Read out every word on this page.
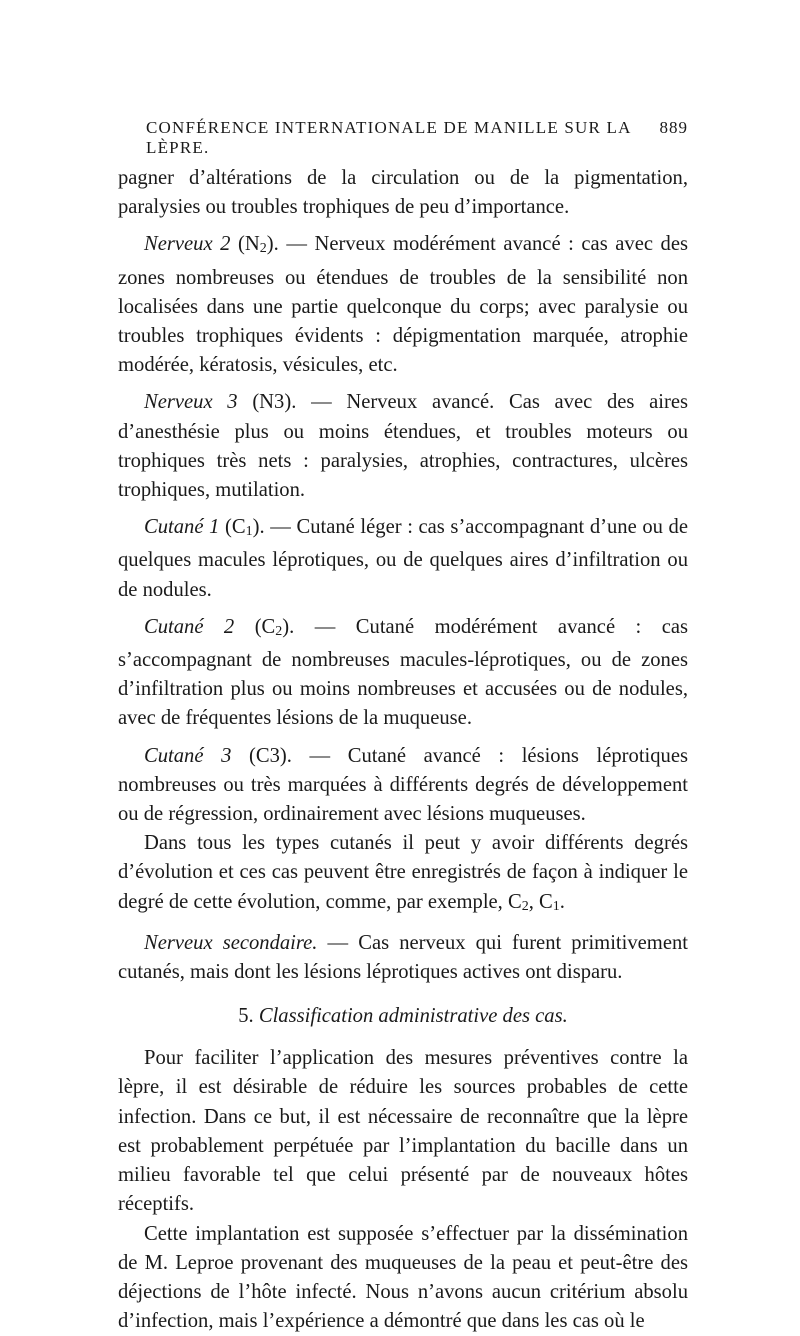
CONFÉRENCE INTERNATIONALE DE MANILLE SUR LA LÈPRE.
889

pagner d’altérations de la circulation ou de la pigmentation, paralysies ou troubles trophiques de peu d’importance.

Nerveux 2 (N2). — Nerveux modérément avancé : cas avec des zones nombreuses ou étendues de troubles de la sensibilité non localisées dans une partie quelconque du corps; avec paralysie ou troubles trophiques évidents : dépigmentation marquée, atrophie modérée, kératosis, vésicules, etc.

Nerveux 3 (N3). — Nerveux avancé. Cas avec des aires d’anesthésie plus ou moins étendues, et troubles moteurs ou trophiques très nets : paralysies, atrophies, contractures, ulcères trophiques, mutilation.

Cutané 1 (C1). — Cutané léger : cas s’accompagnant d’une ou de quelques macules léprotiques, ou de quelques aires d’infiltration ou de nodules.

Cutané 2 (C2). — Cutané modérément avancé : cas s’accompagnant de nombreuses macules-léprotiques, ou de zones d’infiltration plus ou moins nombreuses et accusées ou de nodules, avec de fréquentes lésions de la muqueuse.

Cutané 3 (C3). — Cutané avancé : lésions léprotiques nombreuses ou très marquées à différents degrés de développement ou de régression, ordinairement avec lésions muqueuses.

Dans tous les types cutanés il peut y avoir différents degrés d’évolution et ces cas peuvent être enregistrés de façon à indiquer le degré de cette évolution, comme, par exemple, C2, C1.

Nerveux secondaire. — Cas nerveux qui furent primitivement cutanés, mais dont les lésions léprotiques actives ont disparu.

5. Classification administrative des cas.

Pour faciliter l’application des mesures préventives contre la lèpre, il est désirable de réduire les sources probables de cette infection. Dans ce but, il est nécessaire de reconnaître que la lèpre est probablement perpétuée par l’implantation du bacille dans un milieu favorable tel que celui présenté par de nouveaux hôtes réceptifs.

Cette implantation est supposée s’effectuer par la dissémination de M. Leproe provenant des muqueuses de la peau et peut-être des déjections de l’hôte infecté. Nous n’avons aucun critérium absolu d’infection, mais l’expérience a démontré que dans les cas où le
